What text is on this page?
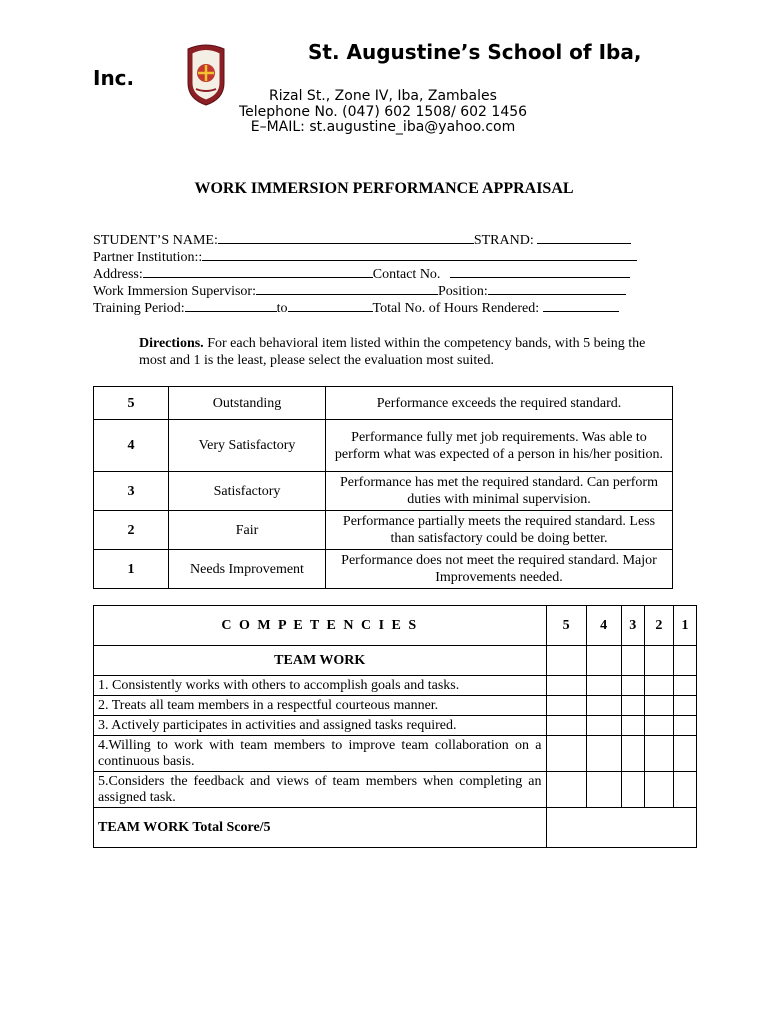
St. Augustine’s School of Iba,
Inc.
Rizal St., Zone IV, Iba, Zambales
Telephone No. (047) 602 1508/ 602 1456
E–MAIL: st.augustine_iba@yahoo.com
WORK IMMERSION PERFORMANCE APPRAISAL
STUDENT’S NAME:	STRAND:
Partner Institution::
Address:	Contact No.
Work Immersion Supervisor:	Position:
Training Period:	to	Total No. of Hours Rendered:
Directions. For each behavioral item listed within the competency bands, with 5 being the most and 1 is the least, please select the evaluation most suited.
5	Outstanding	Performance exceeds the required standard.
4	Very Satisfactory	Performance fully met job requirements. Was able to perform what was expected of a person in his/her position.
3	Satisfactory	Performance has met the required standard. Can perform duties with minimal supervision.
2	Fair	Performance partially meets the required standard. Less than satisfactory could be doing better.
1	Needs Improvement	Performance does not meet the required standard. Major Improvements needed.
C O M P E T E N C I E S	5	4	3	2	1
TEAM WORK					
1. Consistently works with others to accomplish goals and tasks.					
2. Treats all team members in a respectful courteous manner.					
3. Actively participates in activities and assigned tasks required.					
4.Willing to work with team members to improve team collaboration on a continuous basis.					
5.Considers the feedback and views of team members when completing an assigned task.					
TEAM WORK Total Score/5					
